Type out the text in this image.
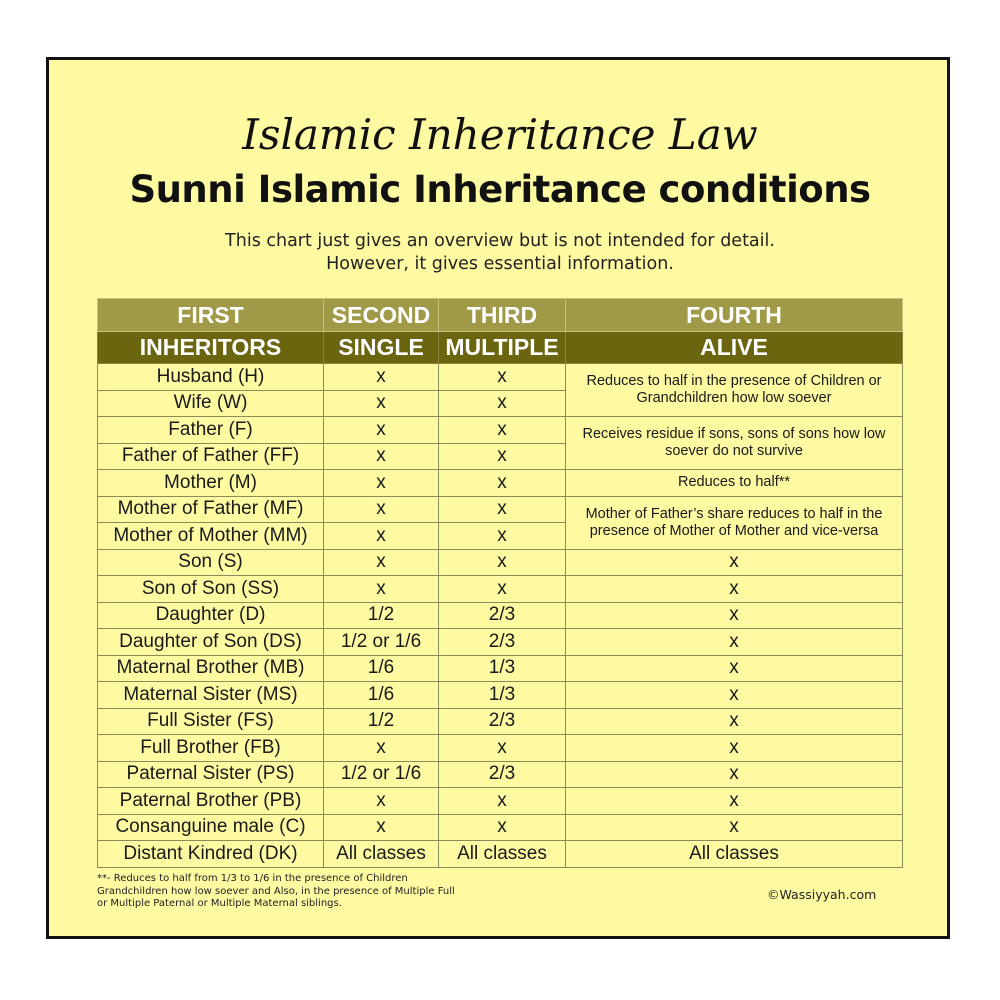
Islamic Inheritance Law
Sunni Islamic Inheritance conditions
This chart just gives an overview but is not intended for detail.
However, it gives essential information.
FIRST	SECOND	THIRD	FOURTH
INHERITORS	SINGLE	MULTIPLE	ALIVE
Husband (H)	x	x	Reduces to half in the presence of Children or Grandchildren how low soever
Wife (W)	x	x	
Father (F)	x	x	Receives residue if sons, sons of sons how low soever do not survive
Father of Father (FF)	x	x	
Mother (M)	x	x	Reduces to half**
Mother of Father (MF)	x	x	Mother of Father’s share reduces to half in the presence of Mother of Mother and vice-versa
Mother of Mother (MM)	x	x	
Son (S)	x	x	x
Son of Son (SS)	x	x	x
Daughter (D)	1/2	2/3	x
Daughter of Son (DS)	1/2 or 1/6	2/3	x
Maternal Brother (MB)	1/6	1/3	x
Maternal Sister (MS)	1/6	1/3	x
Full Sister (FS)	1/2	2/3	x
Full Brother (FB)	x	x	x
Paternal Sister (PS)	1/2 or 1/6	2/3	x
Paternal Brother (PB)	x	x	x
Consanguine male (C)	x	x	x
Distant Kindred (DK)	All classes	All classes	All classes
**- Reduces to half from 1/3 to 1/6 in the presence of Children Grandchildren how low soever and Also, in the presence of Multiple Full or Multiple Paternal or Multiple Maternal siblings.
©Wassiyyah.com
